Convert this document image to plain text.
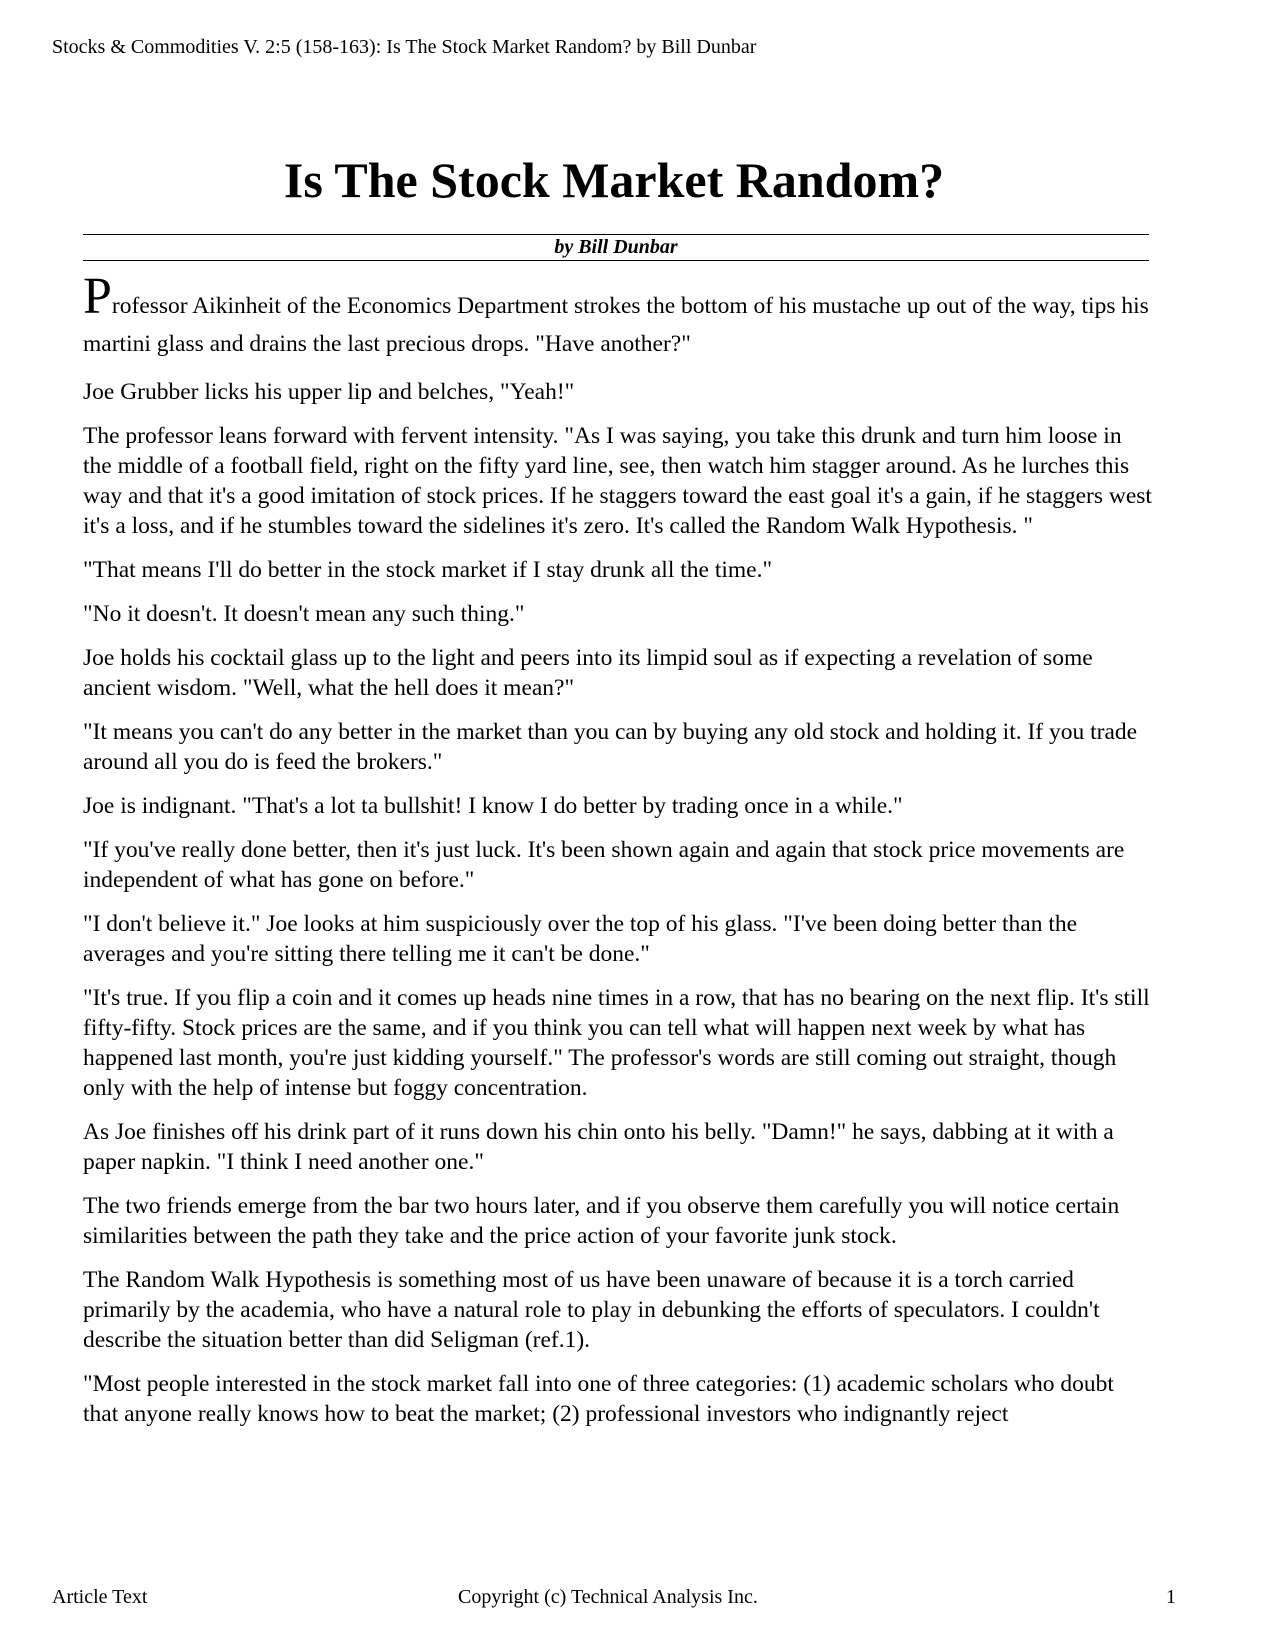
Stocks & Commodities V. 2:5 (158-163): Is The Stock Market Random? by Bill Dunbar
Is The Stock Market Random?
by Bill Dunbar

Professor Aikinheit of the Economics Department strokes the bottom of his mustache up out of the way, tips his martini glass and drains the last precious drops. "Have another?"

Joe Grubber licks his upper lip and belches, "Yeah!"

The professor leans forward with fervent intensity. "As I was saying, you take this drunk and turn him loose in the middle of a football field, right on the fifty yard line, see, then watch him stagger around. As he lurches this way and that it's a good imitation of stock prices. If he staggers toward the east goal it's a gain, if he staggers west it's a loss, and if he stumbles toward the sidelines it's zero. It's called the Random Walk Hypothesis. "

"That means I'll do better in the stock market if I stay drunk all the time."

"No it doesn't. It doesn't mean any such thing."

Joe holds his cocktail glass up to the light and peers into its limpid soul as if expecting a revelation of some ancient wisdom. "Well, what the hell does it mean?"

"It means you can't do any better in the market than you can by buying any old stock and holding it. If you trade around all you do is feed the brokers."

Joe is indignant. "That's a lot ta bullshit! I know I do better by trading once in a while."

"If you've really done better, then it's just luck. It's been shown again and again that stock price movements are independent of what has gone on before."

"I don't believe it." Joe looks at him suspiciously over the top of his glass. "I've been doing better than the averages and you're sitting there telling me it can't be done."

"It's true. If you flip a coin and it comes up heads nine times in a row, that has no bearing on the next flip. It's still fifty-fifty. Stock prices are the same, and if you think you can tell what will happen next week by what has happened last month, you're just kidding yourself." The professor's words are still coming out straight, though only with the help of intense but foggy concentration.

As Joe finishes off his drink part of it runs down his chin onto his belly. "Damn!" he says, dabbing at it with a paper napkin. "I think I need another one."

The two friends emerge from the bar two hours later, and if you observe them carefully you will notice certain similarities between the path they take and the price action of your favorite junk stock.

The Random Walk Hypothesis is something most of us have been unaware of because it is a torch carried primarily by the academia, who have a natural role to play in debunking the efforts of speculators. I couldn't describe the situation better than did Seligman (ref.1).

"Most people interested in the stock market fall into one of three categories: (1) academic scholars who doubt that anyone really knows how to beat the market; (2) professional investors who indignantly reject

Article Text	Copyright (c) Technical Analysis Inc.	1
